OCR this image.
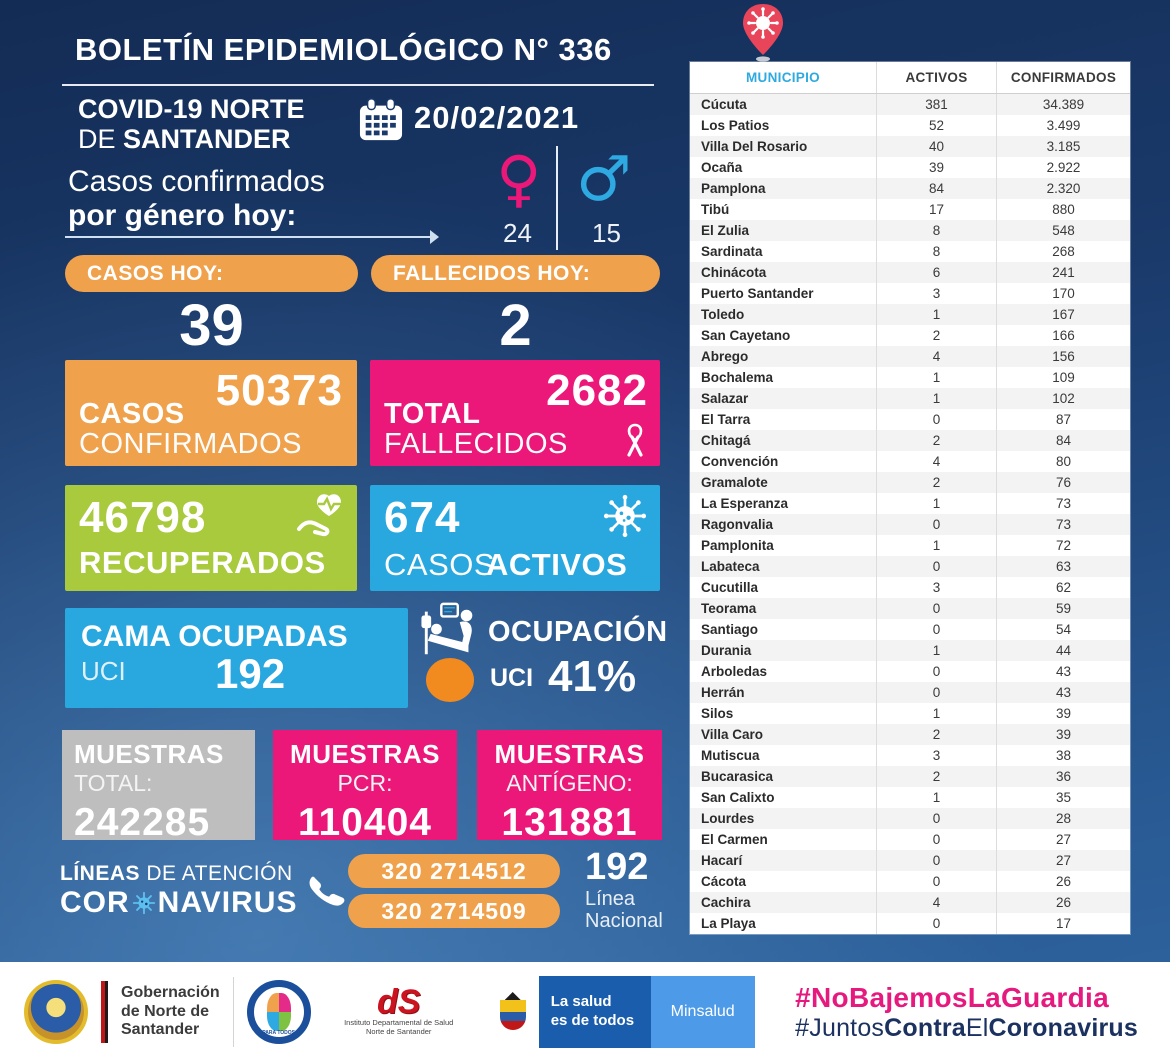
BOLETÍN EPIDEMIOLÓGICO N° 336
COVID-19 NORTE
DE SANTANDER
20/02/2021
Casos confirmados
por género hoy:
♀ ♂
24 15
CASOS HOY:	FALLECIDOS HOY:
39	2
50373
CASOS
CONFIRMADOS
2682
TOTAL
FALLECIDOS
46798
RECUPERADOS
674
CASOS
ACTIVOS
CAMA OCUPADAS
UCI 192
OCUPACIÓN
UCI 41%
MUESTRAS
TOTAL:
242285
MUESTRAS
PCR:
110404
MUESTRAS
ANTÍGENO:
131881
LÍNEAS DE ATENCIÓN
COR NAVIRUS
320 2714512
320 2714509
192
Línea
Nacional
MUNICIPIO	ACTIVOS	CONFIRMADOS
Cúcuta	381	34.389
Los Patios	52	3.499
Villa Del Rosario	40	3.185
Ocaña	39	2.922
Pamplona	84	2.320
Tibú	17	880
El Zulia	8	548
Sardinata	8	268
Chinácota	6	241
Puerto Santander	3	170
Toledo	1	167
San Cayetano	2	166
Abrego	4	156
Bochalema	1	109
Salazar	1	102
El Tarra	0	87
Chitagá	2	84
Convención	4	80
Gramalote	2	76
La Esperanza	1	73
Ragonvalia	0	73
Pamplonita	1	72
Labateca	0	63
Cucutilla	3	62
Teorama	0	59
Santiago	0	54
Durania	1	44
Arboledas	0	43
Herrán	0	43
Silos	1	39
Villa Caro	2	39
Mutiscua	3	38
Bucarasica	2	36
San Calixto	1	35
Lourdes	0	28
El Carmen	0	27
Hacarí	0	27
Cácota	0	26
Cachira	4	26
La Playa	0	17
Gobernación
de Norte de
Santander	PARA TODOS
dS
Instituto Departamental de Salud
Norte de Santander
La salud
es de todos
Minsalud	#NoBajemosLaGuardia
#JuntosContraElCoronavirus
